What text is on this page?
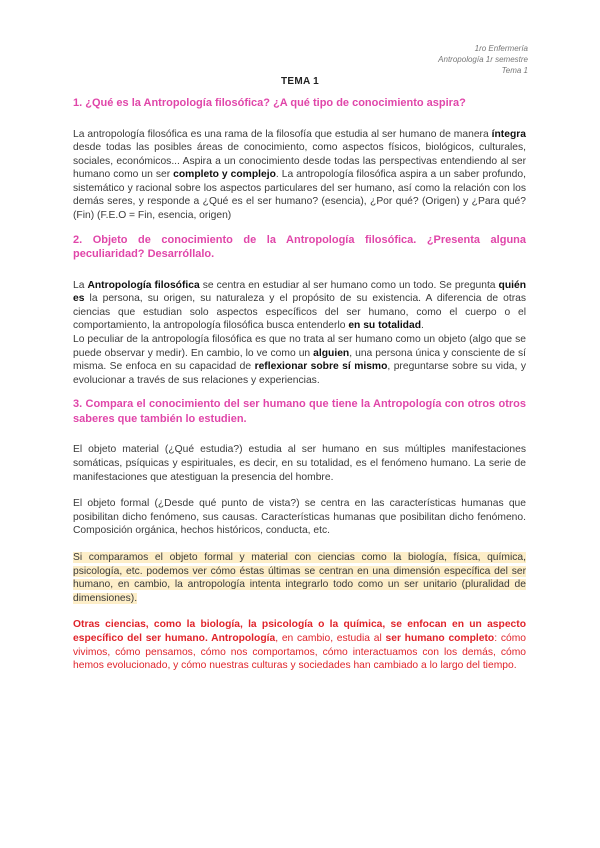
1ro Enfermería
Antropología 1r semestre
Tema 1
TEMA 1

1. ¿Qué es la Antropología filosófica? ¿A qué tipo de conocimiento aspira?

La antropología filosófica es una rama de la filosofía que estudia al ser humano de manera íntegra desde todas las posibles áreas de conocimiento, como aspectos físicos, biológicos, culturales, sociales, económicos... Aspira a un conocimiento desde todas las perspectivas entendiendo al ser humano como un ser completo y complejo. La antropología filosófica aspira a un saber profundo, sistemático y racional sobre los aspectos particulares del ser humano, así como la relación con los demás seres, y responde a ¿Qué es el ser humano? (esencia), ¿Por qué? (Origen) y ¿Para qué? (Fin) (F.E.O = Fin, esencia, origen)

2. Objeto de conocimiento de la Antropología filosófica. ¿Presenta alguna peculiaridad? Desarróllalo.

La Antropología filosófica se centra en estudiar al ser humano como un todo. Se pregunta quién es la persona, su origen, su naturaleza y el propósito de su existencia. A diferencia de otras ciencias que estudian solo aspectos específicos del ser humano, como el cuerpo o el comportamiento, la antropología filosófica busca entenderlo en su totalidad.

Lo peculiar de la antropología filosófica es que no trata al ser humano como un objeto (algo que se puede observar y medir). En cambio, lo ve como un alguien, una persona única y consciente de sí misma. Se enfoca en su capacidad de reflexionar sobre sí mismo, preguntarse sobre su vida, y evolucionar a través de sus relaciones y experiencias.

3. Compara el conocimiento del ser humano que tiene la Antropología con otros otros saberes que también lo estudien.

El objeto material (¿Qué estudia?) estudia al ser humano en sus múltiples manifestaciones somáticas, psíquicas y espirituales, es decir, en su totalidad, es el fenómeno humano. La serie de manifestaciones que atestiguan la presencia del hombre.

El objeto formal (¿Desde qué punto de vista?) se centra en las características humanas que posibilitan dicho fenómeno, sus causas. Características humanas que posibilitan dicho fenómeno. Composición orgánica, hechos históricos, conducta, etc.

Si comparamos el objeto formal y material con ciencias como la biología, física, química, psicología, etc. podemos ver cómo éstas últimas se centran en una dimensión específica del ser humano, en cambio, la antropología intenta integrarlo todo como un ser unitario (pluralidad de dimensiones).

Otras ciencias, como la biología, la psicología o la química, se enfocan en un aspecto específico del ser humano. Antropología, en cambio, estudia al ser humano completo: cómo vivimos, cómo pensamos, cómo nos comportamos, cómo interactuamos con los demás, cómo hemos evolucionado, y cómo nuestras culturas y sociedades han cambiado a lo largo del tiempo.
